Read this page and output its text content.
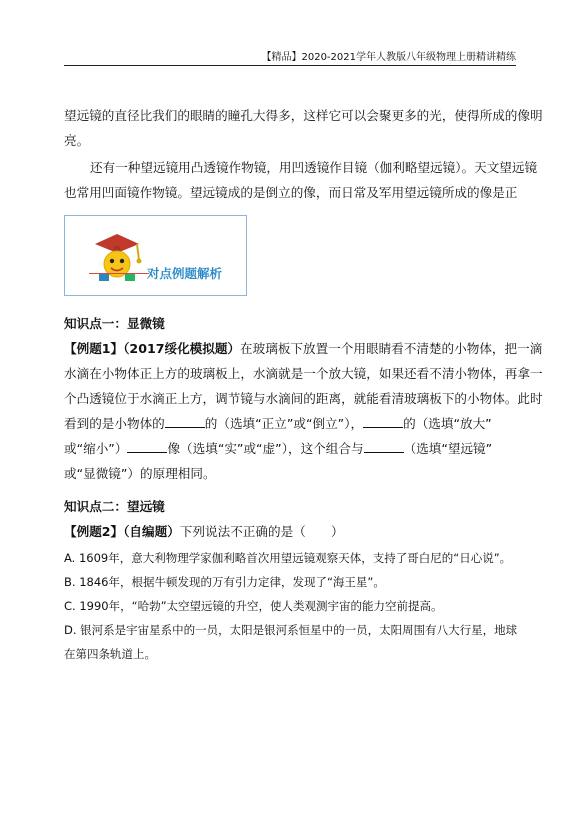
【精品】2020-2021学年人教版八年级物理上册精讲精练
望远镜的直径比我们的眼睛的瞳孔大得多，这样它可以会聚更多的光，使得所成的像明
亮。
还有一种望远镜用凸透镜作物镜，用凹透镜作目镜（伽利略望远镜）。天文望远镜
也常用凹面镜作物镜。望远镜成的是倒立的像，而日常及军用望远镜所成的像是正
对点例题解析
知识点一：显微镜
【例题1】（2017绥化模拟题）在玻璃板下放置一个用眼睛看不清楚的小物体，把一滴
水滴在小物体正上方的玻璃板上，水滴就是一个放大镜，如果还看不清小物体，再拿一
个凸透镜位于水滴正上方，调节镜与水滴间的距离，就能看清玻璃板下的小物体。此时
看到的是小物体的	的（选填“正立”或“倒立”），	的（选填“放大”
或“缩小”）	像（选填“实”或“虚”），这个组合与	（选填“望远镜”
或“显微镜”）的原理相同。
知识点二：望远镜
【例题2】（自编题）下列说法不正确的是（　　）
A. 1609年，意大利物理学家伽利略首次用望远镜观察天体，支持了哥白尼的“日心说”。
B. 1846年，根据牛顿发现的万有引力定律，发现了“海王星”。
C. 1990年，“哈勃”太空望远镜的升空，使人类观测宇宙的能力空前提高。
D. 银河系是宇宙星系中的一员，太阳是银河系恒星中的一员，太阳周围有八大行星，地球
在第四条轨道上。
